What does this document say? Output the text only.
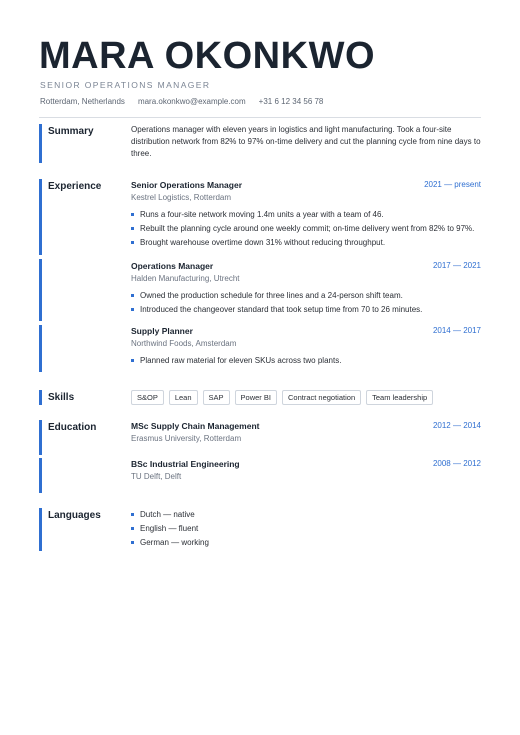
MARA OKONKWO
SENIOR OPERATIONS MANAGER
Rotterdam, Netherlands mara.okonkwo@example.com +31 6 12 34 56 78
Summary	Operations manager with eleven years in logistics and light manufacturing. Took a four-site distribution network from 82% to 97% on-time delivery and cut the planning cycle from nine days to three.

Experience	Senior Operations Manager	2021 — present
Kestrel Logistics, Rotterdam
Runs a four-site network moving 1.4m units a year with a team of 46.
Rebuilt the planning cycle around one weekly commit; on-time delivery went from 82% to 97%.
Brought warehouse overtime down 31% without reducing throughput.
Operations Manager	2017 — 2021
Halden Manufacturing, Utrecht
Owned the production schedule for three lines and a 24-person shift team.
Introduced the changeover standard that took setup time from 70 to 26 minutes.
Supply Planner	2014 — 2017
Northwind Foods, Amsterdam
Planned raw material for eleven SKUs across two plants.
Skills	S&OP	Lean	SAP	Power BI	Contract negotiation	Team leadership
Education	MSc Supply Chain Management	2012 — 2014
Erasmus University, Rotterdam
BSc Industrial Engineering	2008 — 2012
TU Delft, Delft
Languages	Dutch — native
English — fluent
German — working
